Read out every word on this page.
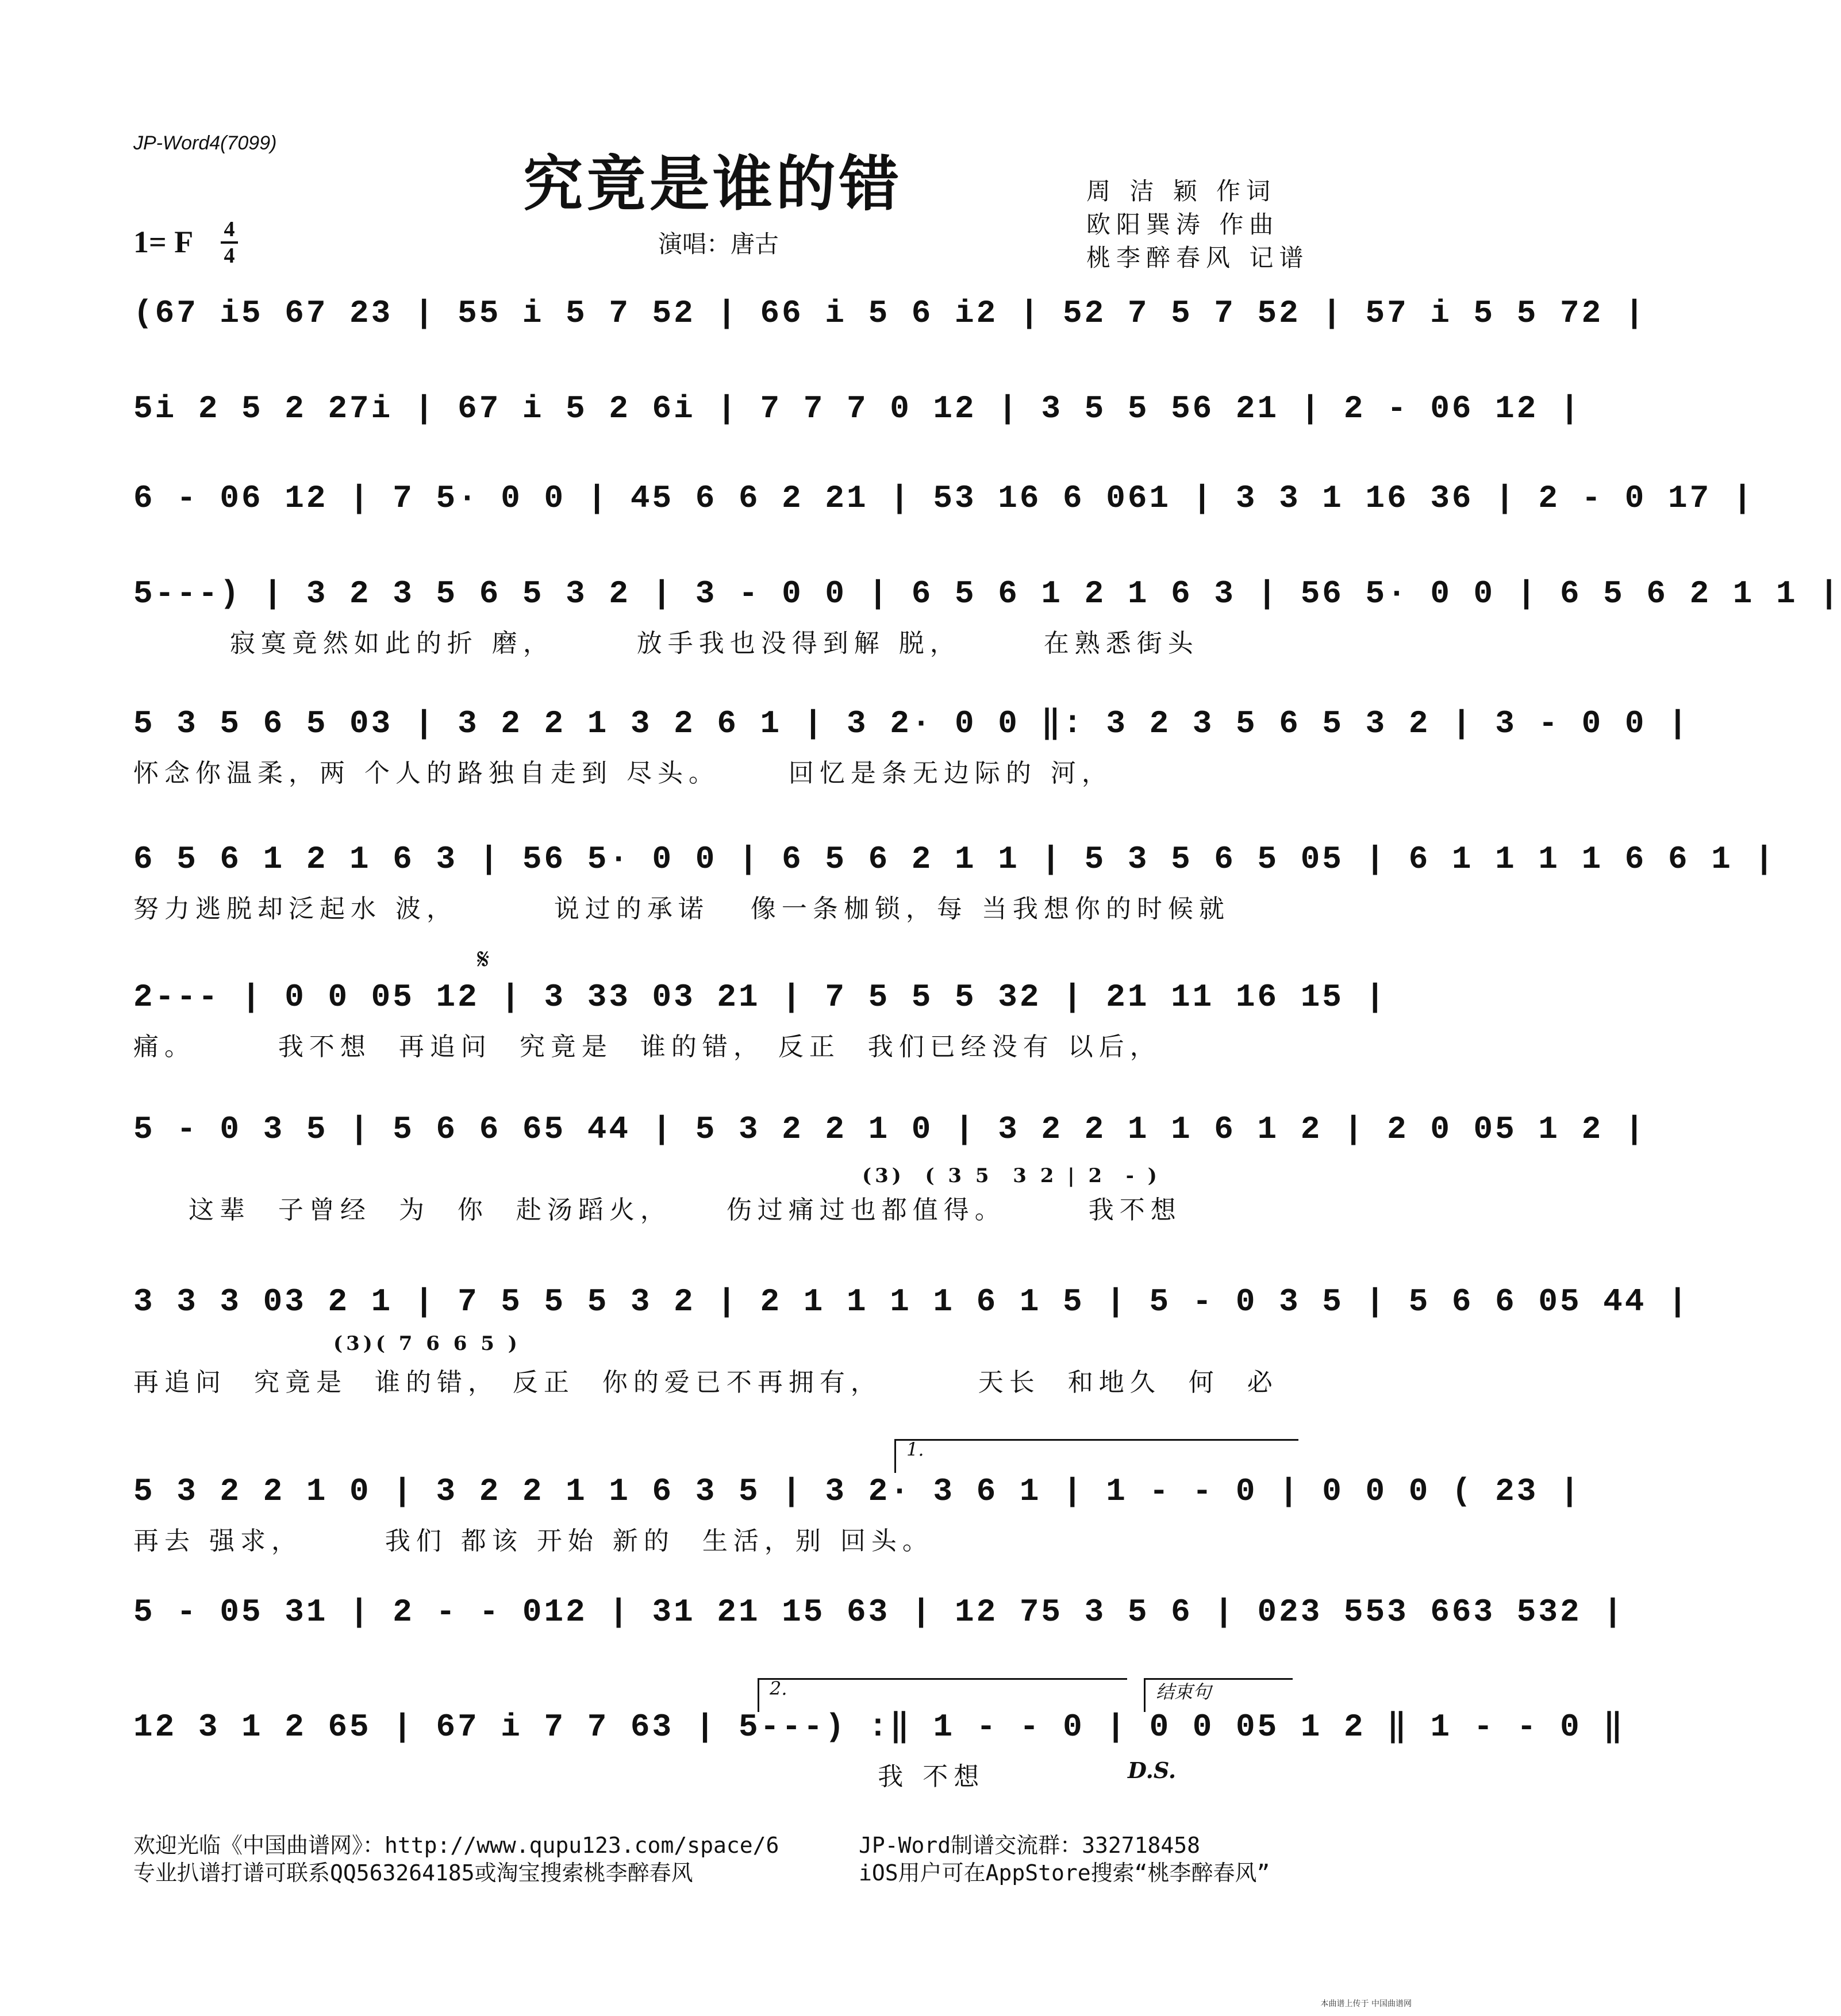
JP-Word4(7099)
究竟是谁的错	周 洁 颖 作词
欧阳巽涛 作曲
桃李醉春风 记谱
1= F 4
4	演唱：唐古
(67 i5 67 23 | 55 i 5 7 52 | 66 i 5 6 i2 | 52 7 5 7 52 | 57 i 5 5 72 |
5i 2 5 2 27i | 67 i 5 2 6i | 7 7 7 0 12 | 3 5 5 56 21 | 2 - 06 12 |
6 - 06 12 | 7 5· 0 0 | 45 6 6 2 21 | 53 16 6 061 | 3 3 1 16 36 | 2 - 0 17 |
5---) | 3 2 3 5 6 5 3 2 | 3 - 0 0 | 6 5 6 1 2 1 6 3 | 56 5· 0 0 | 6 5 6 2 1 1 |
寂寞竟然如此的折 磨，      放手我也没得到解 脱，      在熟悉街头
5 3 5 6 5 03 | 3 2 2 1 3 2 6 1 | 3 2· 0 0 ‖: 3 2 3 5 6 5 3 2 | 3 - 0 0 |
怀念你温柔，两 个人的路独自走到 尽头。     回忆是条无边际的 河，
6 5 6 1 2 1 6 3 | 56 5· 0 0 | 6 5 6 2 1 1 | 5 3 5 6 5 05 | 6 1 1 1 1 6 6 1 |
努力逃脱却泛起水 波，       说过的承诺   像一条枷锁，每 当我想你的时候就
𝄋
2--- | 0 0 05 12 | 3 33 03 21 | 7 5 5 5 32 | 21 11 16 15 |
痛。      我不想  再追问  究竟是  谁的错， 反正  我们已经没有 以后，
5 - 0 3 5 | 5 6 6 65 44 | 5 3 2 2 1 0 | 3 2 2 1 1 6 1 2 | 2 0 05 1 2 |
(3)  ( 3 5  3 2 | 2  - )
这辈  子曾经  为  你  赴汤蹈火，    伤过痛过也都值得。      我不想
3 3 3 03 2 1 | 7 5 5 5 3 2 | 2 1 1 1 1 6 1 5 | 5 - 0 3 5 | 5 6 6 05 44 |
(3)( 7 6 6 5 )
再追问  究竟是  谁的错， 反正  你的爱已不再拥有，       天长  和地久  何  必
1.
5 3 2 2 1 0 | 3 2 2 1 1 6 3 5 | 3 2· 3 6 1 | 1 - - 0 | 0 0 0 ( 23 |
再去 强求，      我们 都该 开始 新的  生活，别 回头。
5 - 05 31 | 2 - - 012 | 31 21 15 63 | 12 75 3 5 6 | 023 553 663 532 |
2.	结束句
12 3 1 2 65 | 67 i 7 7 63 | 5---) :‖ 1 - - 0 | 0 0 05 1 2 ‖ 1 - - 0 ‖
我 不想	D.S.
欢迎光临《中国曲谱网》：http://www.qupu123.com/space/6
专业扒谱打谱可联系QQ563264185或淘宝搜索桃李醉春风
JP-Word制谱交流群：332718458
iOS用户可在AppStore搜索“桃李醉春风”
本曲谱上传于 中国曲谱网
